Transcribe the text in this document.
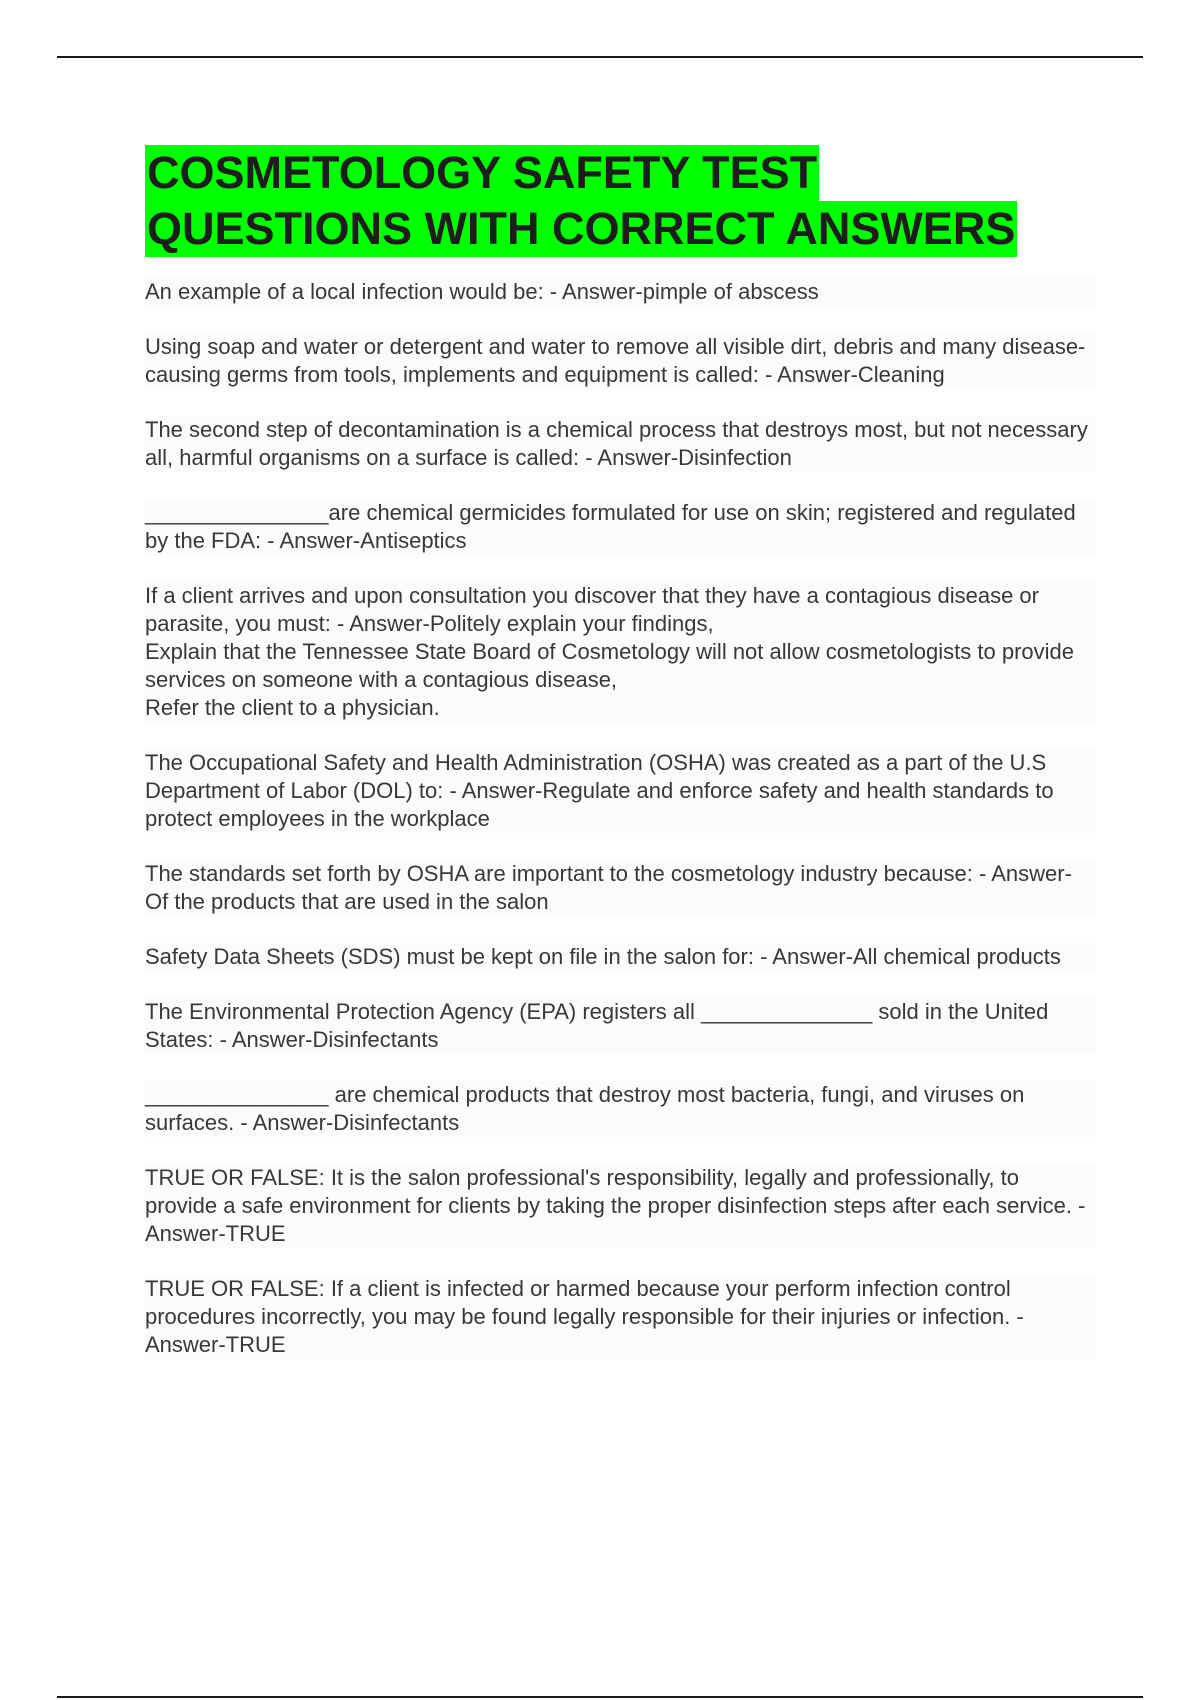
COSMETOLOGY SAFETY TEST
QUESTIONS WITH CORRECT ANSWERS

An example of a local infection would be: - Answer-pimple of abscess

Using soap and water or detergent and water to remove all visible dirt, debris and many disease-causing germs from tools, implements and equipment is called: - Answer-Cleaning

The second step of decontamination is a chemical process that destroys most, but not necessary all, harmful organisms on a surface is called: - Answer-Disinfection

_______________are chemical germicides formulated for use on skin; registered and regulated by the FDA: - Answer-Antiseptics

If a client arrives and upon consultation you discover that they have a contagious disease or parasite, you must: - Answer-Politely explain your findings,
Explain that the Tennessee State Board of Cosmetology will not allow cosmetologists to provide services on someone with a contagious disease,
Refer the client to a physician.

The Occupational Safety and Health Administration (OSHA) was created as a part of the U.S Department of Labor (DOL) to: - Answer-Regulate and enforce safety and health standards to protect employees in the workplace

The standards set forth by OSHA are important to the cosmetology industry because: - Answer-Of the products that are used in the salon

Safety Data Sheets (SDS) must be kept on file in the salon for: - Answer-All chemical products

The Environmental Protection Agency (EPA) registers all ______________ sold in the United States: - Answer-Disinfectants

_______________ are chemical products that destroy most bacteria, fungi, and viruses on surfaces. - Answer-Disinfectants

TRUE OR FALSE: It is the salon professional's responsibility, legally and professionally, to provide a safe environment for clients by taking the proper disinfection steps after each service. - Answer-TRUE

TRUE OR FALSE: If a client is infected or harmed because your perform infection control procedures incorrectly, you may be found legally responsible for their injuries or infection. - Answer-TRUE
